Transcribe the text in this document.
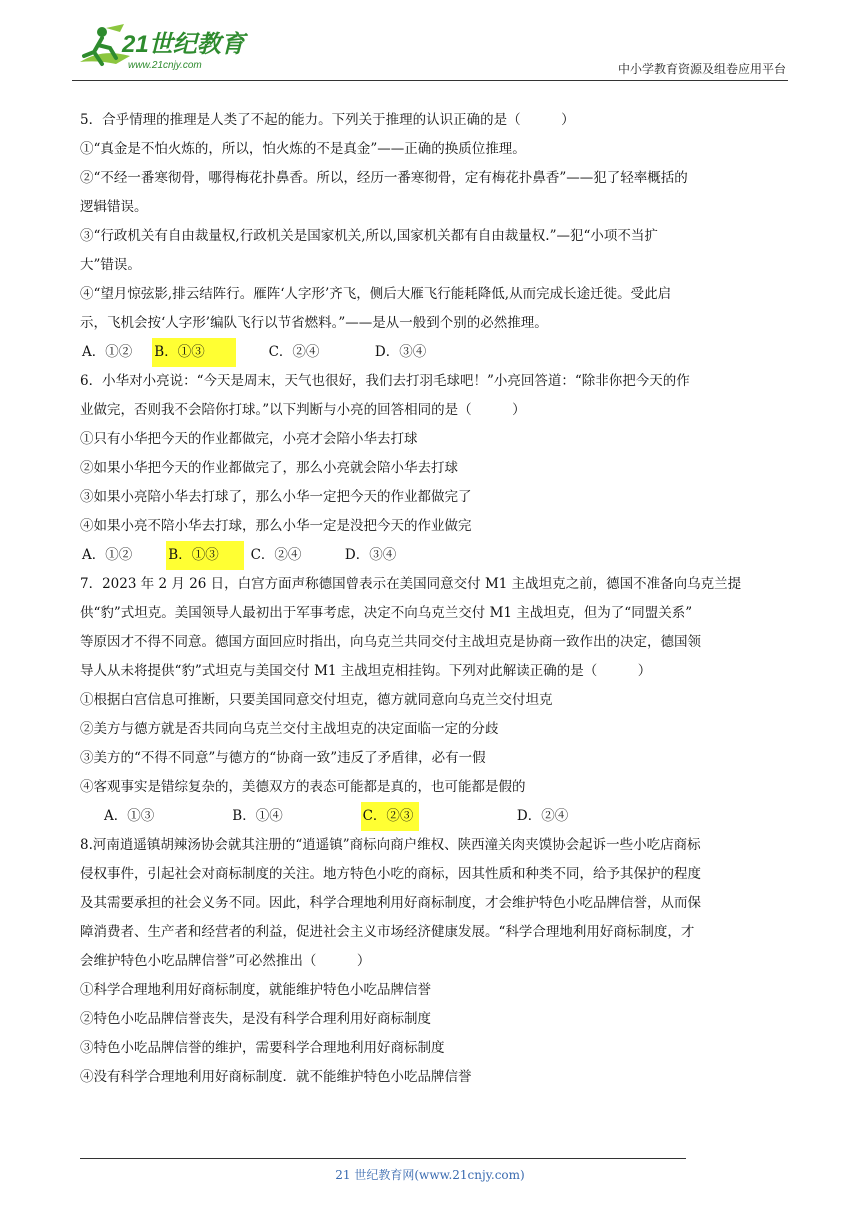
21世纪教育
www.21cnjy.com	中小学教育资源及组卷应用平台
5．合乎情理的推理是人类了不起的能力。下列关于推理的认识正确的是（　　　）
①“真金是不怕火炼的，所以，怕火炼的不是真金”——正确的换质位推理。
②“不经一番寒彻骨，哪得梅花扑鼻香。所以，经历一番寒彻骨，定有梅花扑鼻香”——犯了轻率概括的
逻辑错误。
③“行政机关有自由裁量权,行政机关是国家机关,所以,国家机关都有自由裁量权.”—犯“小项不当扩
大”错误。
④“望月惊弦影,排云结阵行。雁阵‘人字形’齐飞，侧后大雁飞行能耗降低,从而完成长途迁徙。受此启
示，飞机会按‘人字形’编队飞行以节省燃料。”——是从一般到个别的必然推理。
A．①② B．①③	C．②④	D．③④
6．小华对小亮说：“今天是周末，天气也很好，我们去打羽毛球吧！”小亮回答道：“除非你把今天的作
业做完，否则我不会陪你打球。”以下判断与小亮的回答相同的是（　　　）
①只有小华把今天的作业都做完，小亮才会陪小华去打球
②如果小华把今天的作业都做完了，那么小亮就会陪小华去打球
③如果小亮陪小华去打球了，那么小华一定把今天的作业都做完了
④如果小亮不陪小华去打球，那么小华一定是没把今天的作业做完
A．①②	B．①③ C．②④	D．③④
7．2023 年 2 月 26 日，白宫方面声称德国曾表示在美国同意交付 M1 主战坦克之前，德国不准备向乌克兰提
供“豹”式坦克。美国领导人最初出于军事考虑，决定不向乌克兰交付 M1 主战坦克，但为了“同盟关系”
等原因才不得不同意。德国方面回应时指出，向乌克兰共同交付主战坦克是协商一致作出的决定，德国领
导人从未将提供“豹”式坦克与美国交付 M1 主战坦克相挂钩。下列对此解读正确的是（　　　）
①根据白宫信息可推断，只要美国同意交付坦克，德方就同意向乌克兰交付坦克
②美方与德方就是否共同向乌克兰交付主战坦克的决定面临一定的分歧
③美方的“不得不同意”与德方的“协商一致”违反了矛盾律，必有一假
④客观事实是错综复杂的，美德双方的表态可能都是真的，也可能都是假的
A．①③	B．①④	C．②③	D．②④
8.河南逍遥镇胡辣汤协会就其注册的“逍遥镇”商标向商户维权、陕西潼关肉夹馍协会起诉一些小吃店商标
侵权事件，引起社会对商标制度的关注。地方特色小吃的商标，因其性质和种类不同，给予其保护的程度
及其需要承担的社会义务不同。因此，科学合理地利用好商标制度，才会维护特色小吃品牌信誉，从而保
障消费者、生产者和经营者的利益，促进社会主义市场经济健康发展。“科学合理地利用好商标制度，才
会维护特色小吃品牌信誉”可必然推出（　　　）
①科学合理地利用好商标制度，就能维护特色小吃品牌信誉
②特色小吃品牌信誉丧失，是没有科学合理利用好商标制度
③特色小吃品牌信誉的维护，需要科学合理地利用好商标制度
④没有科学合理地利用好商标制度．就不能维护特色小吃品牌信誉
21 世纪教育网(www.21cnjy.com)
